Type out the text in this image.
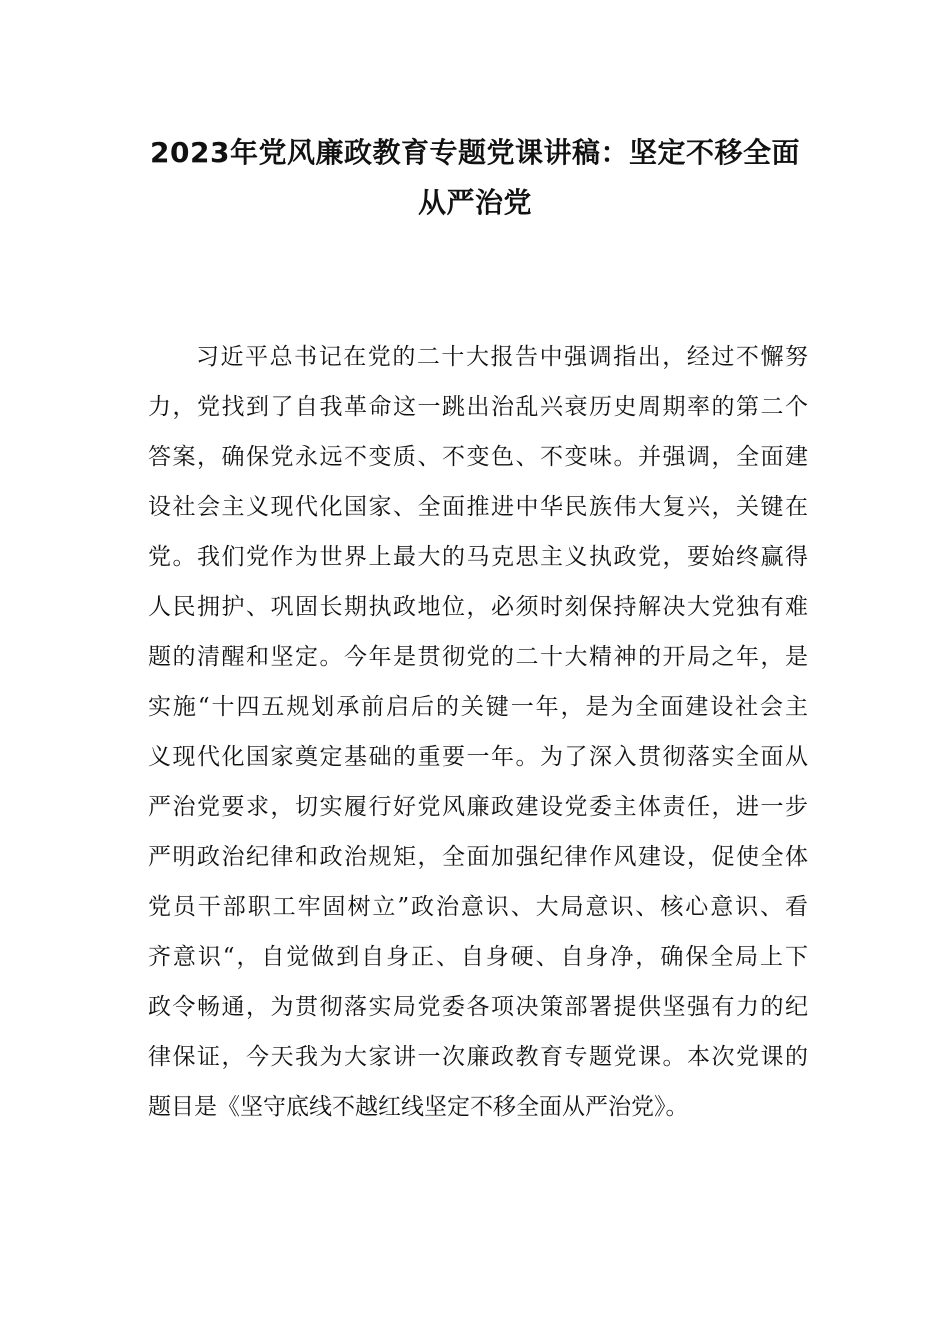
2023年党风廉政教育专题党课讲稿：坚定不移全面
从严治党
习近平总书记在党的二十大报告中强调指出，经过不懈努
力，党找到了自我革命这一跳出治乱兴衰历史周期率的第二个
答案，确保党永远不变质、不变色、不变味。并强调，全面建
设社会主义现代化国家、全面推进中华民族伟大复兴，关键在
党。我们党作为世界上最大的马克思主义执政党，要始终赢得
人民拥护、巩固长期执政地位，必须时刻保持解决大党独有难
题的清醒和坚定。今年是贯彻党的二十大精神的开局之年，是
实施“十四五规划承前启后的关键一年，是为全面建设社会主
义现代化国家奠定基础的重要一年。为了深入贯彻落实全面从
严治党要求，切实履行好党风廉政建设党委主体责任，进一步
严明政治纪律和政治规矩，全面加强纪律作风建设，促使全体
党员干部职工牢固树立”政治意识、大局意识、核心意识、看
齐意识“，自觉做到自身正、自身硬、自身净，确保全局上下
政令畅通，为贯彻落实局党委各项决策部署提供坚强有力的纪
律保证，今天我为大家讲一次廉政教育专题党课。本次党课的
题目是《坚守底线不越红线坚定不移全面从严治党》。
